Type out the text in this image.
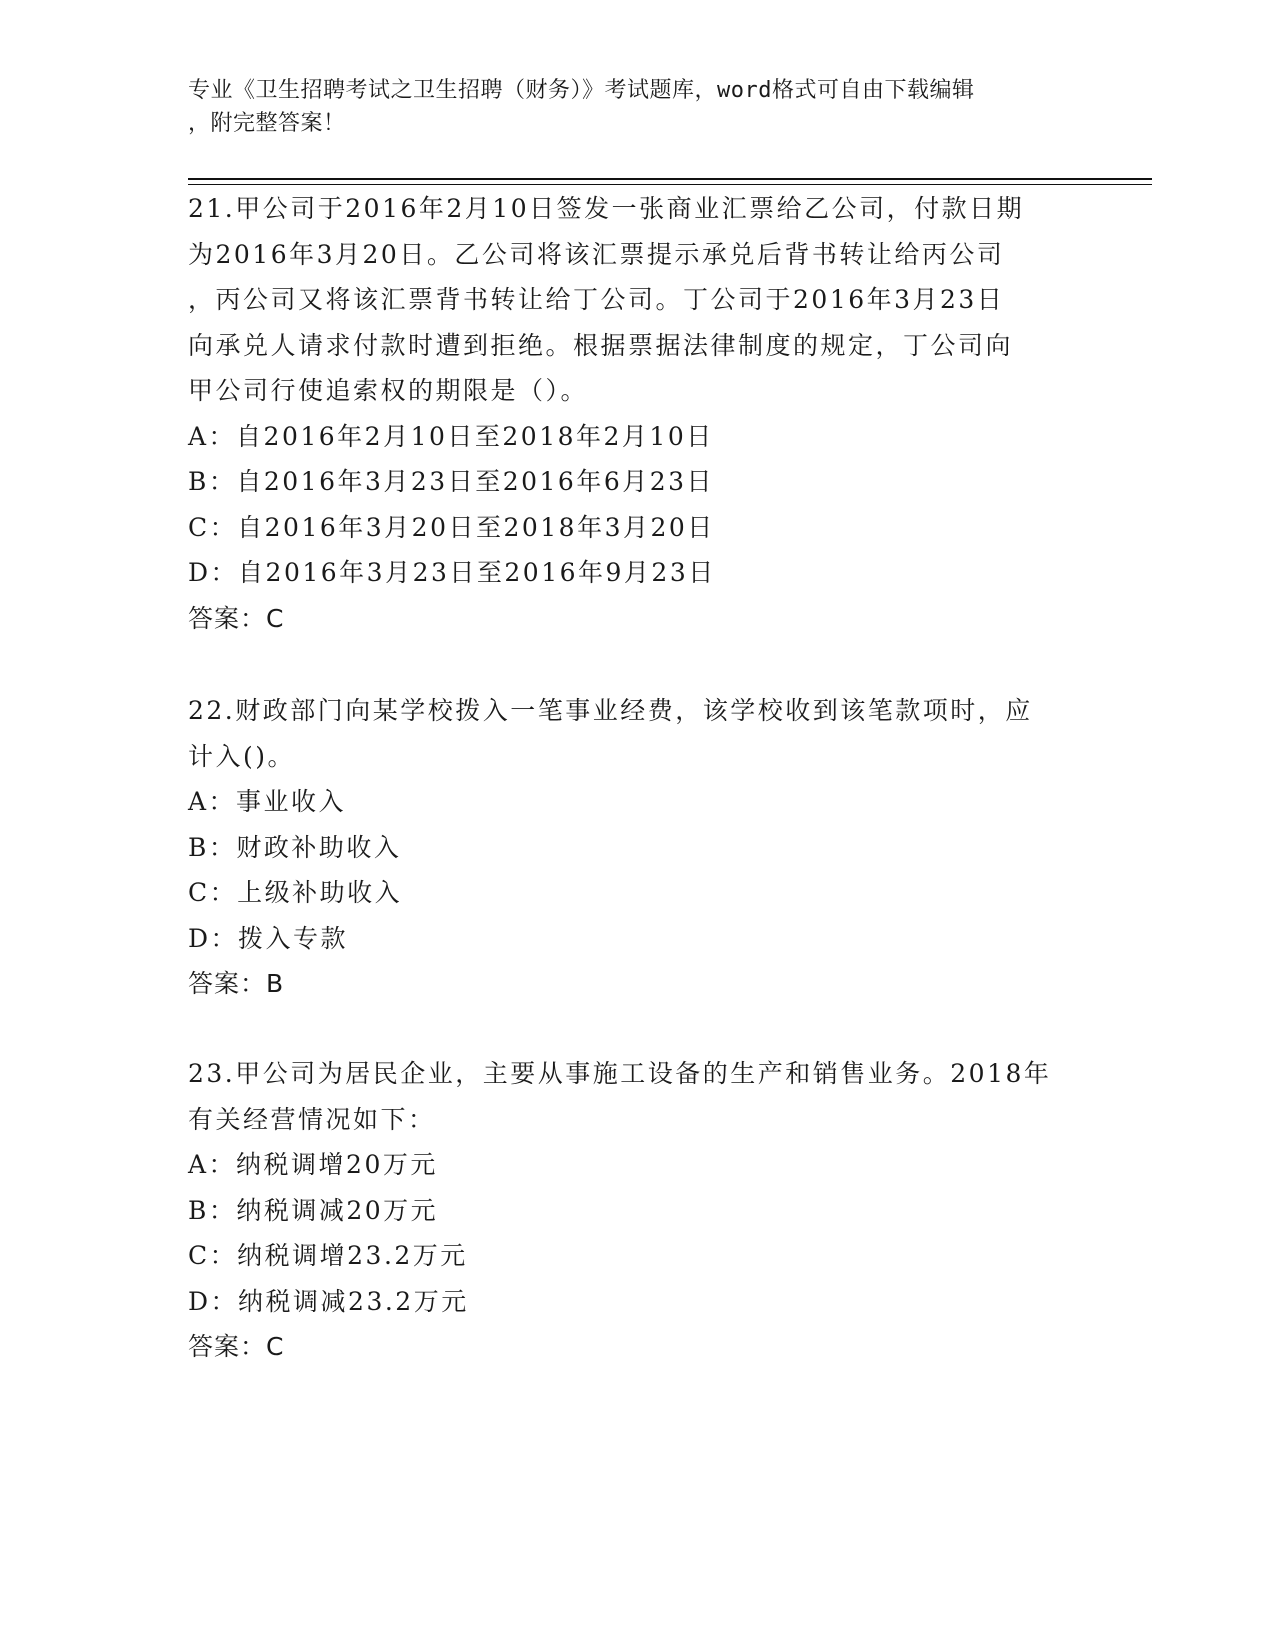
专业《卫生招聘考试之卫生招聘（财务）》考试题库，word格式可自由下载编辑
，附完整答案！
21.甲公司于2016年2月10日签发一张商业汇票给乙公司，付款日期
为2016年3月20日。乙公司将该汇票提示承兑后背书转让给丙公司
，丙公司又将该汇票背书转让给丁公司。丁公司于2016年3月23日
向承兑人请求付款时遭到拒绝。根据票据法律制度的规定，丁公司向
甲公司行使追索权的期限是（）。
A：自2016年2月10日至2018年2月10日
B：自2016年3月23日至2016年6月23日
C：自2016年3月20日至2018年3月20日
D：自2016年3月23日至2016年9月23日
答案：C
22.财政部门向某学校拨入一笔事业经费，该学校收到该笔款项时，应
计入()。
A：事业收入
B：财政补助收入
C：上级补助收入
D：拨入专款
答案：B
23.甲公司为居民企业，主要从事施工设备的生产和销售业务。2018年
有关经营情况如下：
A：纳税调增20万元
B：纳税调减20万元
C：纳税调增23.2万元
D：纳税调减23.2万元
答案：C
